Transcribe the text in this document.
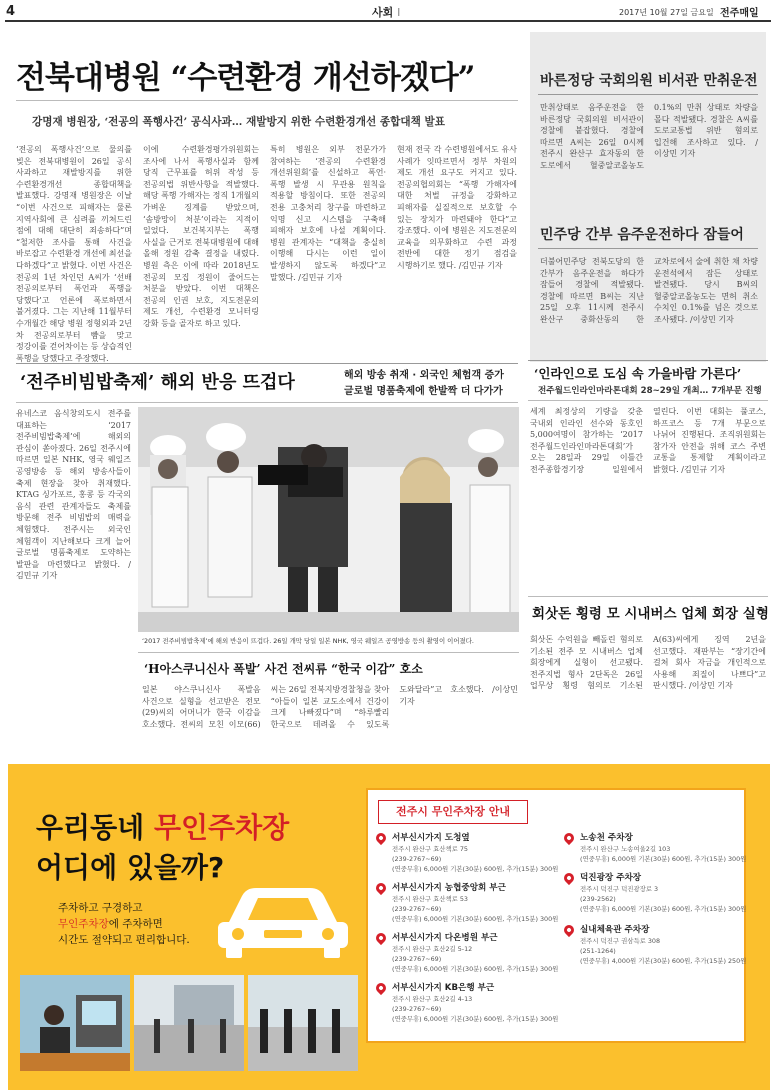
4	사회 I	2017년 10월 27일 금요일 전주매일
전북대병원 “수련환경 개선하겠다”
강명재 병원장, ‘전공의 폭행사건’ 공식사과… 재발방지 위한 수련환경개선 종합대책 발표
‘전공의 폭행사건’으로 물의를 빚은 전북대병원이 26일 공식 사과하고 재발방지를 위한 수련환경개선 종합대책을 발표했다. 강명재 병원장은 이날 “이번 사건으로 피해자는 물론 지역사회에 큰 심려를 끼쳐드린 점에 대해 대단히 죄송하다”며 “철저한 조사를 통해 사건을 바로잡고 수련환경 개선에 최선을 다하겠다”고 밝혔다. 이번 사건은 전공의 1년 차인던 A씨가 ‘선배 전공의로부터 폭언과 폭행을 당했다’고 언론에 폭로하면서 불거졌다. 그는 지난해 11월부터 수개월간 해당 병원 정형외과 2년 차 전공의로부터 뺨을 맞고 정강이를 걷어차이는 등 상습적인 폭행을 당했다고 주장했다.
이에 수련환경평가위원회는 조사에 나서 폭행사실과 함께 당직 근무표를 허위 작성 등 전공의법 위반사항을 적발했다. 해당 폭행 가해자는 정직 1개월의 가벼운 징계를 받았으며, ‘솜방망이 처분’이라는 지적이 일었다. 보건복지부는 폭행 사실을 근거로 전북대병원에 대해 올해 정원 감축 결정을 내렸다. 병원 측은 이에 따라 2018년도 전공의 모집 정원이 줄어드는 처분을 받았다. 이번 대책은 전공의 인권 보호, 지도전문의 제도 개선, 수련환경 모니터링 강화 등을 골자로 하고 있다.
특히 병원은 외부 전문가가 참여하는 ‘전공의 수련환경 개선위원회’를 신설하고 폭언·폭행 발생 시 무관용 원칙을 적용할 방침이다. 또한 전공의 전용 고충처리 창구를 마련하고 익명 신고 시스템을 구축해 피해자 보호에 나설 계획이다. 병원 관계자는 “대책을 충실히 이행해 다시는 이런 일이 발생하지 않도록 하겠다”고 말했다. /김민규 기자
현재 전국 각 수련병원에서도 유사 사례가 잇따르면서 정부 차원의 제도 개선 요구도 커지고 있다. 전공의협의회는 “폭행 가해자에 대한 처벌 규정을 강화하고 피해자를 실질적으로 보호할 수 있는 장치가 마련돼야 한다”고 강조했다. 이에 병원은 지도전문의 교육을 의무화하고 수련 과정 전반에 대한 정기 점검을 시행하기로 했다. /김민규 기자
바른정당 국회의원 비서관 만취운전
만취상태로 음주운전을 한 바른정당 국회의원 비서관이 경찰에 붙잡혔다. 경찰에 따르면 A씨는 26일 0시께 전주시 완산구 효자동의 한 도로에서 혈중알코올농도 0.1%의 만취 상태로 차량을 몰다 적발됐다. 경찰은 A씨를 도로교통법 위반 혐의로 입건해 조사하고 있다. /이상민 기자
민주당 간부 음주운전하다 잠들어
더불어민주당 전북도당의 한 간부가 음주운전을 하다가 잠들어 경찰에 적발됐다. 경찰에 따르면 B씨는 지난 25일 오후 11시께 전주시 완산구 중화산동의 한 교차로에서 술에 취한 채 차량 운전석에서 잠든 상태로 발견됐다. 당시 B씨의 혈중알코올농도는 면허 취소 수치인 0.1%를 넘은 것으로 조사됐다. /이상민 기자
‘전주비빔밥축제’ 해외 반응 뜨겁다	해외 방송 취재 · 외국인 체험객 증가
글로벌 명품축제에 한발짝 더 다가가
유네스코 음식창의도시 전주를 대표하는 ‘2017 전주비빔밥축제’에 해외의 관심이 쏟아졌다. 26일 전주시에 따르면 일본 NHK, 영국 웨일즈 공영방송 등 해외 방송사들이 축제 현장을 찾아 취재했다. KTAG 싱가포르, 홍콩 등 각국의 음식 관련 관계자들도 축제를 방문해 전주 비빔밥의 매력을 체험했다. 전주시는 외국인 체험객이 지난해보다 크게 늘어 글로벌 명품축제로 도약하는 발판을 마련했다고 밝혔다. /김민규 기자
‘2017 전주비빔밥축제’에 해외 반응이 뜨겁다. 26일 개막 당일 일본 NHK, 영국 웨일즈 공영방송 등의 촬영이 이어졌다.
‘H아스쿠니신사 폭발’ 사건 전씨류 “한국 이감” 호소
일본 야스쿠니신사 폭발음 사건으로 실형을 선고받은 전모(29)씨의 어머니가 한국 이감을 호소했다. 전씨의 모친 이모(66)씨는 26일 전북지방경찰청을 찾아 “아들이 일본 교도소에서 건강이 크게 나빠졌다”며 “하루빨리 한국으로 데려올 수 있도록 도와달라”고 호소했다. /이상민 기자
‘인라인으로 도심 속 가을바람 가른다’
전주월드인라인마라톤대회 28~29일 개최… 7개부문 진행
세계 최정상의 기량을 갖춘 국내외 인라인 선수와 동호인 5,000여명이 참가하는 ‘2017 전주월드인라인마라톤대회’가 오는 28일과 29일 이틀간 전주종합경기장 일원에서 열린다. 이번 대회는 풀코스, 하프코스 등 7개 부문으로 나뉘어 진행된다. 조직위원회는 참가자 안전을 위해 코스 주변 교통을 통제할 계획이라고 밝혔다. /김민규 기자
회삿돈 횡령 모 시내버스 업체 회장 실형
회삿돈 수억원을 빼돌린 혐의로 기소된 전주 모 시내버스 업체 회장에게 실형이 선고됐다. 전주지법 형사 2단독은 26일 업무상 횡령 혐의로 기소된 A(63)씨에게 징역 2년을 선고했다. 재판부는 “장기간에 걸쳐 회사 자금을 개인적으로 사용해 죄질이 나쁘다”고 판시했다. /이상민 기자
우리동네 무인주차장
어디에 있을까?
주차하고 구경하고
무인주차장에 주차하면
시간도 절약되고 편리합니다.
전주시 무인주차장 안내
서부신시가지 도청옆
전주시 완산구 효산책로 75
(239-2767~69)
(연중무휴) 6,000원 기본(30분) 600원, 추가(15분) 300원
서부신시가지 농협중앙회 부근
전주시 완산구 효산책로 53
(239-2767~69)
(연중무휴) 6,000원 기본(30분) 600원, 추가(15분) 300원
서부신시가지 다온병원 부근
전주시 완산구 효산2길 5-12
(239-2767~69)
(연중무휴) 6,000원 기본(30분) 600원, 추가(15분) 300원
서부신시가지 KB은행 부근
전주시 완산구 효산2길 4-13
(239-2767~69)
(연중무휴) 6,000원 기본(30분) 600원, 추가(15분) 300원
노송천 주차장
전주시 완산구 노송여울2길 103
(연중무휴) 6,000원 기본(30분) 600원, 추가(15분) 300원
덕진광장 주차장
전주시 덕진구 덕진광장로 3
(239-2562)
(연중무휴) 6,000원 기본(30분) 600원, 추가(15분) 300원
실내체육관 주차장
전주시 덕진구 권삼득로 308
(251-1264)
(연중무휴) 4,000원 기본(30분) 600원, 추가(15분) 250원
